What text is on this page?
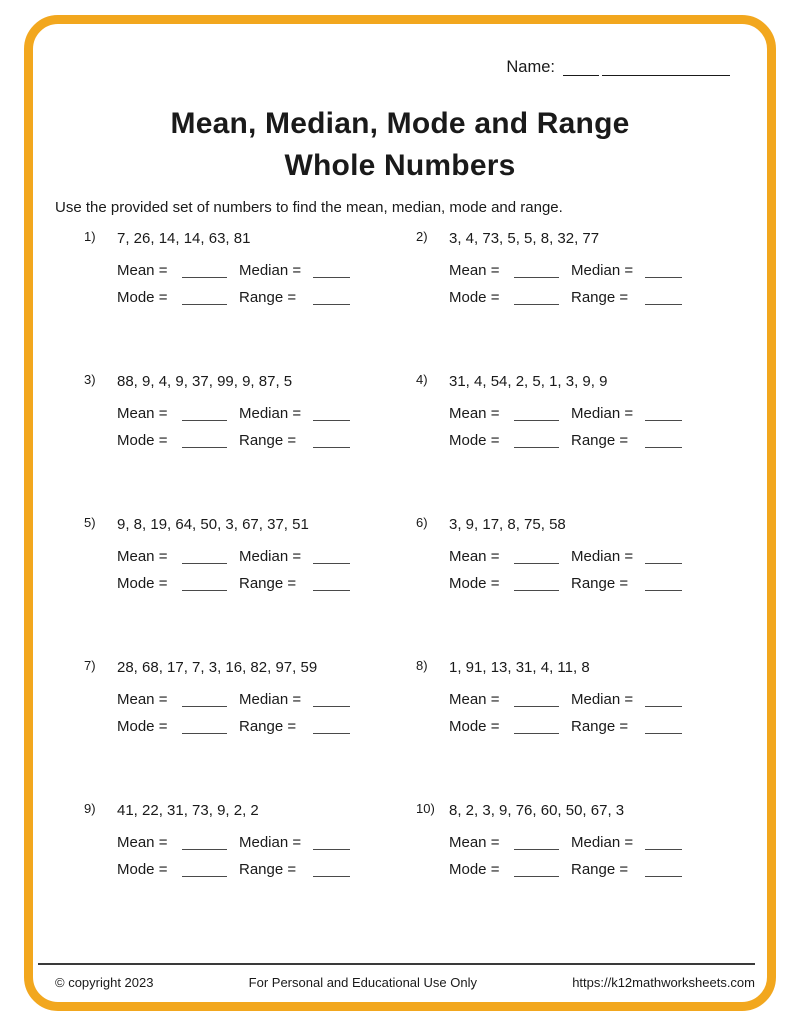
Name:
Mean, Median, Mode and Range
Whole Numbers
Use the provided set of numbers to find the mean, median, mode and range.
1)	7, 26, 14, 14, 63, 81
Mean =	Median =
Mode =	Range =
2)	3, 4, 73, 5, 5, 8, 32, 77
Mean =	Median =
Mode =	Range =
3)	88, 9, 4, 9, 37, 99, 9, 87, 5
Mean =	Median =
Mode =	Range =
4)	31, 4, 54, 2, 5, 1, 3, 9, 9
Mean =	Median =
Mode =	Range =
5)	9, 8, 19, 64, 50, 3, 67, 37, 51
Mean =	Median =
Mode =	Range =
6)	3, 9, 17, 8, 75, 58
Mean =	Median =
Mode =	Range =
7)	28, 68, 17, 7, 3, 16, 82, 97, 59
Mean =	Median =
Mode =	Range =
8)	1, 91, 13, 31, 4, 11, 8
Mean =	Median =
Mode =	Range =
9)	41, 22, 31, 73, 9, 2, 2
Mean =	Median =
Mode =	Range =
10) 8, 2, 3, 9, 76, 60, 50, 67, 3
Mean =	Median =
Mode =	Range =
© copyright 2023	For Personal and Educational Use Only	https://k12mathworksheets.com
